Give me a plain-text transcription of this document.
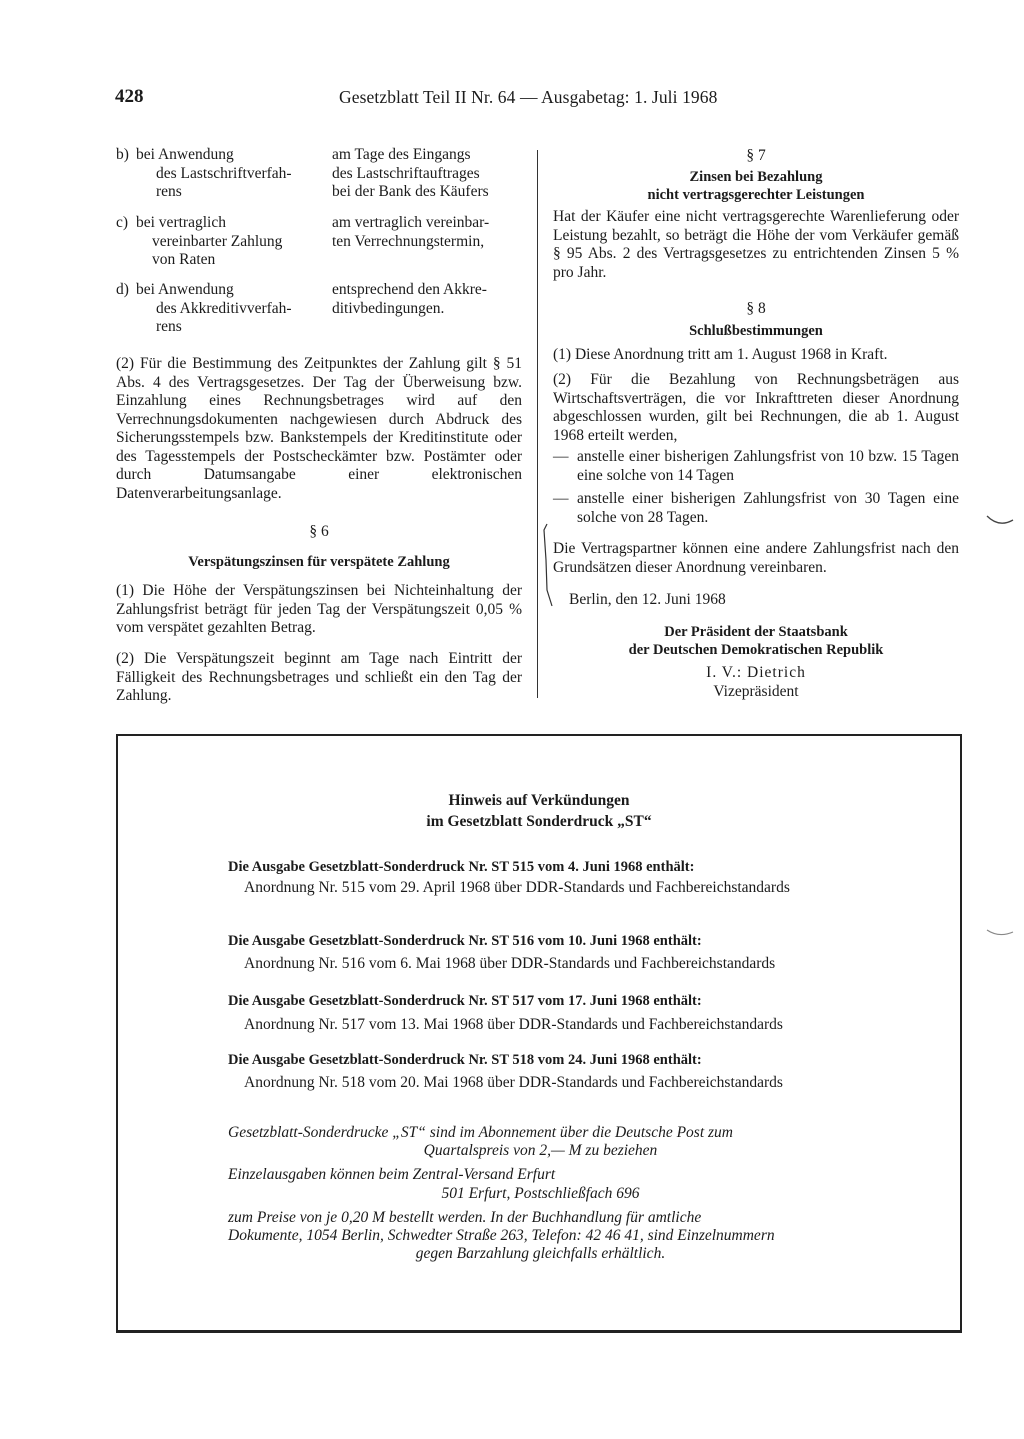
428	Gesetzblatt Teil II Nr. 64 — Ausgabetag: 1. Juli 1968
b) bei Anwendung
des Lastschriftverfah-
rens
am Tage des Eingangs
des Lastschriftauftrages
bei der Bank des Käufers
c) bei vertraglich
vereinbarter Zahlung
von Raten
am vertraglich vereinbar-
ten Verrechnungstermin,
d) bei Anwendung
des Akkreditivverfah-
rens
entsprechend den Akkre-
ditivbedingungen.

(2) Für die Bestimmung des Zeitpunktes der Zahlung gilt § 51 Abs. 4 des Vertragsgesetzes. Der Tag der Überweisung bzw. Einzahlung eines Rechnungsbetrages wird auf den Verrechnungsdokumenten nachgewiesen durch Abdruck des Sicherungsstempels bzw. Bankstempels der Kreditinstitute oder des Tagesstempels der Postscheckämter bzw. Postämter oder durch Datumsangabe einer elektronischen Datenverarbeitungsanlage.

§ 6
Verspätungszinsen für verspätete Zahlung

(1) Die Höhe der Verspätungszinsen bei Nichteinhaltung der Zahlungsfrist beträgt für jeden Tag der Verspätungszeit 0,05 % vom verspätet gezahlten Betrag.

(2) Die Verspätungszeit beginnt am Tage nach Eintritt der Fälligkeit des Rechnungsbetrages und schließt ein den Tag der Zahlung.

§ 7
Zinsen bei Bezahlung
nicht vertragsgerechter Leistungen

Hat der Käufer eine nicht vertragsgerechte Warenlieferung oder Leistung bezahlt, so beträgt die Höhe der vom Verkäufer gemäß § 95 Abs. 2 des Vertragsgesetzes zu entrichtenden Zinsen 5 % pro Jahr.

§ 8
Schlußbestimmungen

(1) Diese Anordnung tritt am 1. August 1968 in Kraft.

(2) Für die Bezahlung von Rechnungsbeträgen aus Wirtschaftsverträgen, die vor Inkrafttreten dieser Anordnung abgeschlossen wurden, gilt bei Rechnungen, die ab 1. August 1968 erteilt werden,

— anstelle einer bisherigen Zahlungsfrist von 10 bzw. 15 Tagen eine solche von 14 Tagen
— anstelle einer bisherigen Zahlungsfrist von 30 Tagen eine solche von 28 Tagen.

Die Vertragspartner können eine andere Zahlungsfrist nach den Grundsätzen dieser Anordnung vereinbaren.

Berlin, den 12. Juni 1968
Der Präsident der Staatsbank
der Deutschen Demokratischen Republik
I. V.: Dietrich
Vizepräsident
Hinweis auf Verkündungen
im Gesetzblatt Sonderdruck „ST“
Die Ausgabe Gesetzblatt-Sonderdruck Nr. ST 515 vom 4. Juni 1968 enthält:
Anordnung Nr. 515 vom 29. April 1968 über DDR-Standards und Fachbereichstandards
Die Ausgabe Gesetzblatt-Sonderdruck Nr. ST 516 vom 10. Juni 1968 enthält:
Anordnung Nr. 516 vom 6. Mai 1968 über DDR-Standards und Fachbereichstandards
Die Ausgabe Gesetzblatt-Sonderdruck Nr. ST 517 vom 17. Juni 1968 enthält:
Anordnung Nr. 517 vom 13. Mai 1968 über DDR-Standards und Fachbereichstandards
Die Ausgabe Gesetzblatt-Sonderdruck Nr. ST 518 vom 24. Juni 1968 enthält:
Anordnung Nr. 518 vom 20. Mai 1968 über DDR-Standards und Fachbereichstandards
Gesetzblatt-Sonderdrucke „ST“ sind im Abonnement über die Deutsche Post zum
Quartalspreis von 2,— M zu beziehen
Einzelausgaben können beim Zentral-Versand Erfurt
501 Erfurt, Postschließfach 696
zum Preise von je 0,20 M bestellt werden. In der Buchhandlung für amtliche
Dokumente, 1054 Berlin, Schwedter Straße 263, Telefon: 42 46 41, sind Einzelnummern
gegen Barzahlung gleichfalls erhältlich.
